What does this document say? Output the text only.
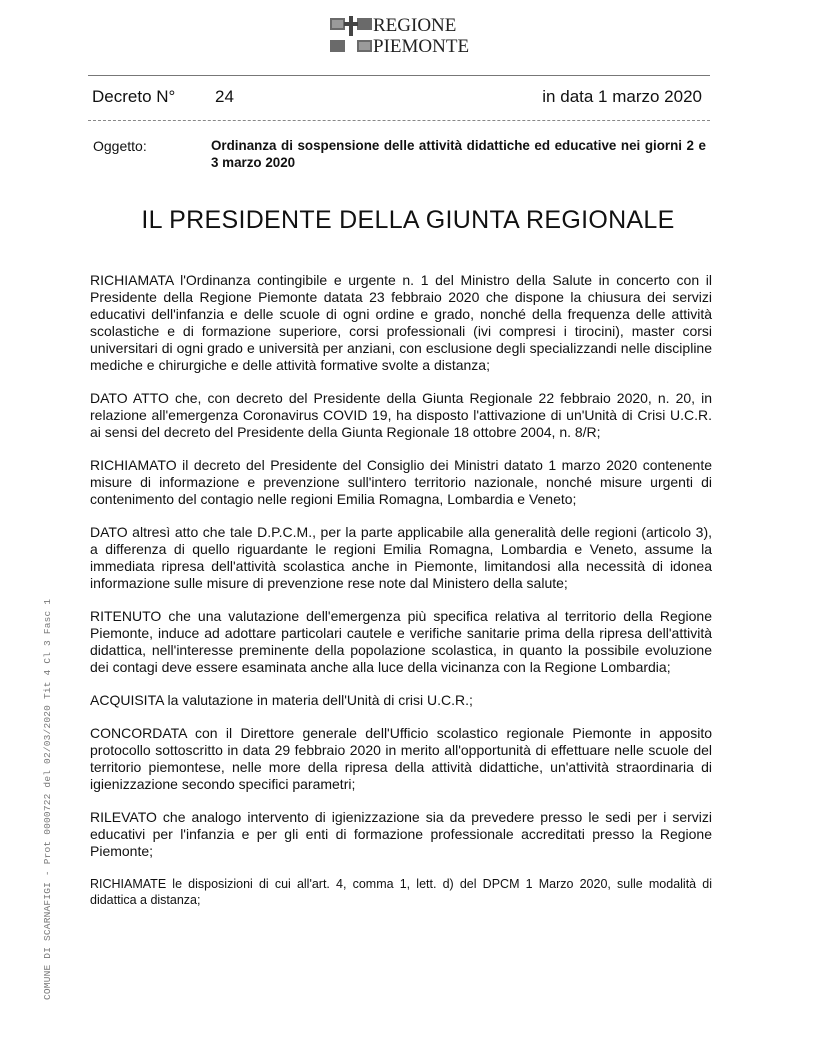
REGIONE
PIEMONTE
Decreto N° 24	in data 1 marzo 2020
Oggetto:	Ordinanza di sospensione delle attività didattiche ed educative nei giorni 2 e 3 marzo 2020
IL PRESIDENTE DELLA GIUNTA REGIONALE

RICHIAMATA l'Ordinanza contingibile e urgente n. 1 del Ministro della Salute in concerto con il Presidente della Regione Piemonte datata 23 febbraio 2020 che dispone la chiusura dei servizi educativi dell'infanzia e delle scuole di ogni ordine e grado, nonché della frequenza delle attività scolastiche e di formazione superiore, corsi professionali (ivi compresi i tirocini), master corsi universitari di ogni grado e università per anziani, con esclusione degli specializzandi nelle discipline mediche e chirurgiche e delle attività formative svolte a distanza;

DATO ATTO che, con decreto del Presidente della Giunta Regionale 22 febbraio 2020, n. 20, in relazione all'emergenza Coronavirus COVID 19, ha disposto l'attivazione di un'Unità di Crisi U.C.R. ai sensi del decreto del Presidente della Giunta Regionale 18 ottobre 2004, n. 8/R;

RICHIAMATO il decreto del Presidente del Consiglio dei Ministri datato 1 marzo 2020 contenente misure di informazione e prevenzione sull'intero territorio nazionale, nonché misure urgenti di contenimento del contagio nelle regioni Emilia Romagna, Lombardia e Veneto;

DATO altresì atto che tale D.P.C.M., per la parte applicabile alla generalità delle regioni (articolo 3), a differenza di quello riguardante le regioni Emilia Romagna, Lombardia e Veneto, assume la immediata ripresa dell'attività scolastica anche in Piemonte, limitandosi alla necessità di idonea informazione sulle misure di prevenzione rese note dal Ministero della salute;

RITENUTO che una valutazione dell'emergenza più specifica relativa al territorio della Regione Piemonte, induce ad adottare particolari cautele e verifiche sanitarie prima della ripresa dell'attività didattica, nell'interesse preminente della popolazione scolastica, in quanto la possibile evoluzione dei contagi deve essere esaminata anche alla luce della vicinanza con la Regione Lombardia;

ACQUISITA la valutazione in materia dell'Unità di crisi U.C.R.;

CONCORDATA con il Direttore generale dell'Ufficio scolastico regionale Piemonte in apposito protocollo sottoscritto in data 29 febbraio 2020 in merito all'opportunità di effettuare nelle scuole del territorio piemontese, nelle more della ripresa della attività didattiche, un'attività straordinaria di igienizzazione secondo specifici parametri;

RILEVATO che analogo intervento di igienizzazione sia da prevedere presso le sedi per i servizi educativi per l'infanzia e per gli enti di formazione professionale accreditati presso la Regione Piemonte;

RICHIAMATE le disposizioni di cui all'art. 4, comma 1, lett. d) del DPCM 1 Marzo 2020, sulle modalità di didattica a distanza;

COMUNE DI SCARNAFIGI - Prot 0000722 del 02/03/2020 Tit 4 Cl 3 Fasc 1
